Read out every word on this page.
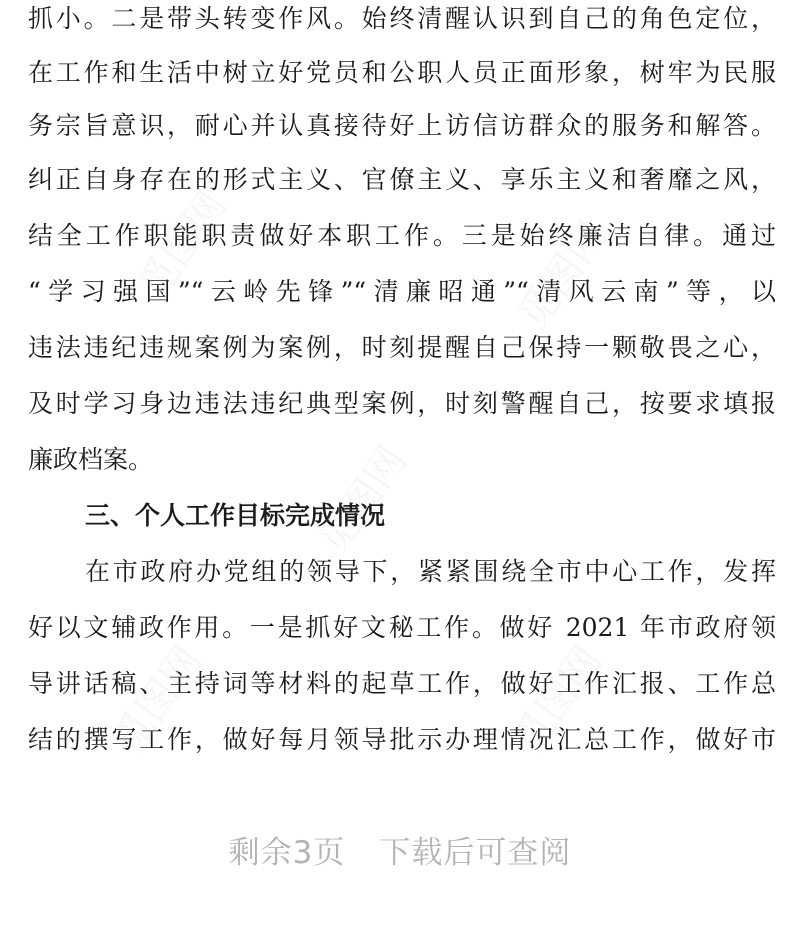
抓小。二是带头转变作风。始终清醒认识到自己的角色定位，
在工作和生活中树立好党员和公职人员正面形象，树牢为民服
务宗旨意识，耐心并认真接待好上访信访群众的服务和解答。
纠正自身存在的形式主义、官僚主义、享乐主义和奢靡之风，
结全工作职能职责做好本职工作。三是始终廉洁自律。通过
“学习强国”“云岭先锋”“清廉昭通”“清风云南”等，以
违法违纪违规案例为案例，时刻提醒自己保持一颗敬畏之心，
及时学习身边违法违纪典型案例，时刻警醒自己，按要求填报
廉政档案。
三、个人工作目标完成情况
在市政府办党组的领导下，紧紧围绕全市中心工作，发挥
好以文辅政作用。一是抓好文秘工作。做好 2021 年市政府领
导讲话稿、主持词等材料的起草工作，做好工作汇报、工作总
结的撰写工作，做好每月领导批示办理情况汇总工作，做好市
觅图网	觅图网
觅图网
觅图网	觅图网
剩余3页 下载后可查阅
